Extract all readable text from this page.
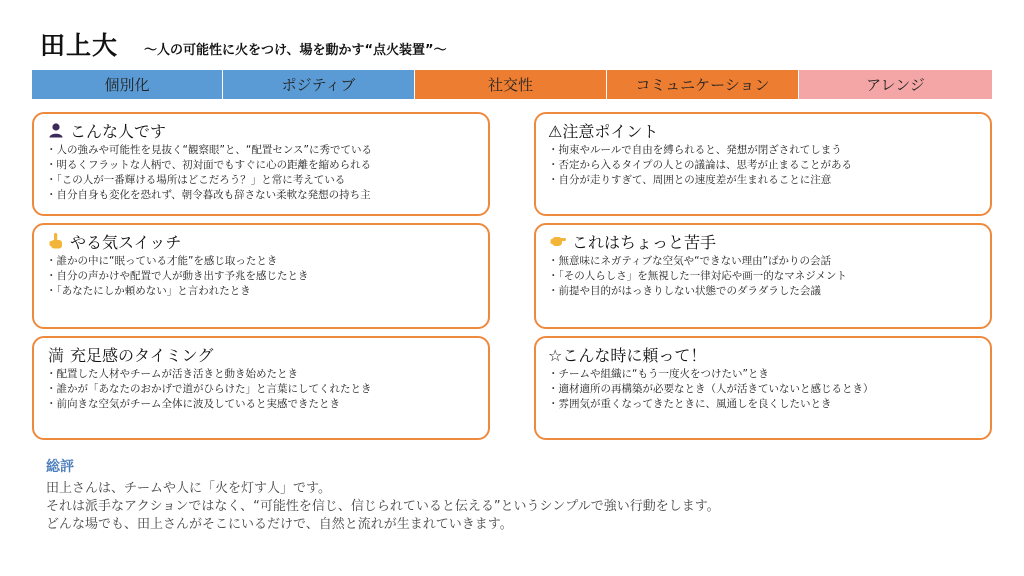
田上大 ～人の可能性に火をつけ、場を動かす“点火装置”～
個別化	ポジティブ	社交性	コミュニケーション	アレンジ
こんな人です
・人の強みや可能性を見抜く“観察眼”と、“配置センス”に秀でている
・明るくフラットな人柄で、初対面でもすぐに心の距離を縮められる
・「この人が一番輝ける場所はどこだろう？」と常に考えている
・自分自身も変化を恐れず、朝令暮改も辞さない柔軟な発想の持ち主
⚠注意ポイント
・拘束やルールで自由を縛られると、発想が閉ざされてしまう
・否定から入るタイプの人との議論は、思考が止まることがある
・自分が走りすぎて、周囲との速度差が生まれることに注意
やる気スイッチ
・誰かの中に“眠っている才能”を感じ取ったとき
・自分の声かけや配置で人が動き出す予兆を感じたとき
・「あなたにしか頼めない」と言われたとき
これはちょっと苦手
・無意味にネガティブな空気や“できない理由”ばかりの会話
・「その人らしさ」を無視した一律対応や画一的なマネジメント
・前提や目的がはっきりしない状態でのダラダラした会議
満 充足感のタイミング
・配置した人材やチームが活き活きと動き始めたとき
・誰かが「あなたのおかげで道がひらけた」と言葉にしてくれたとき
・前向きな空気がチーム全体に波及していると実感できたとき
☆こんな時に頼って！
・チームや組織に“もう一度火をつけたい”とき
・適材適所の再構築が必要なとき（人が活きていないと感じるとき）
・雰囲気が重くなってきたときに、風通しを良くしたいとき
総評

田上さんは、チームや人に「火を灯す人」です。

それは派手なアクションではなく、“可能性を信じ、信じられていると伝える”というシンプルで強い行動をします。

どんな場でも、田上さんがそこにいるだけで、自然と流れが生まれていきます。
